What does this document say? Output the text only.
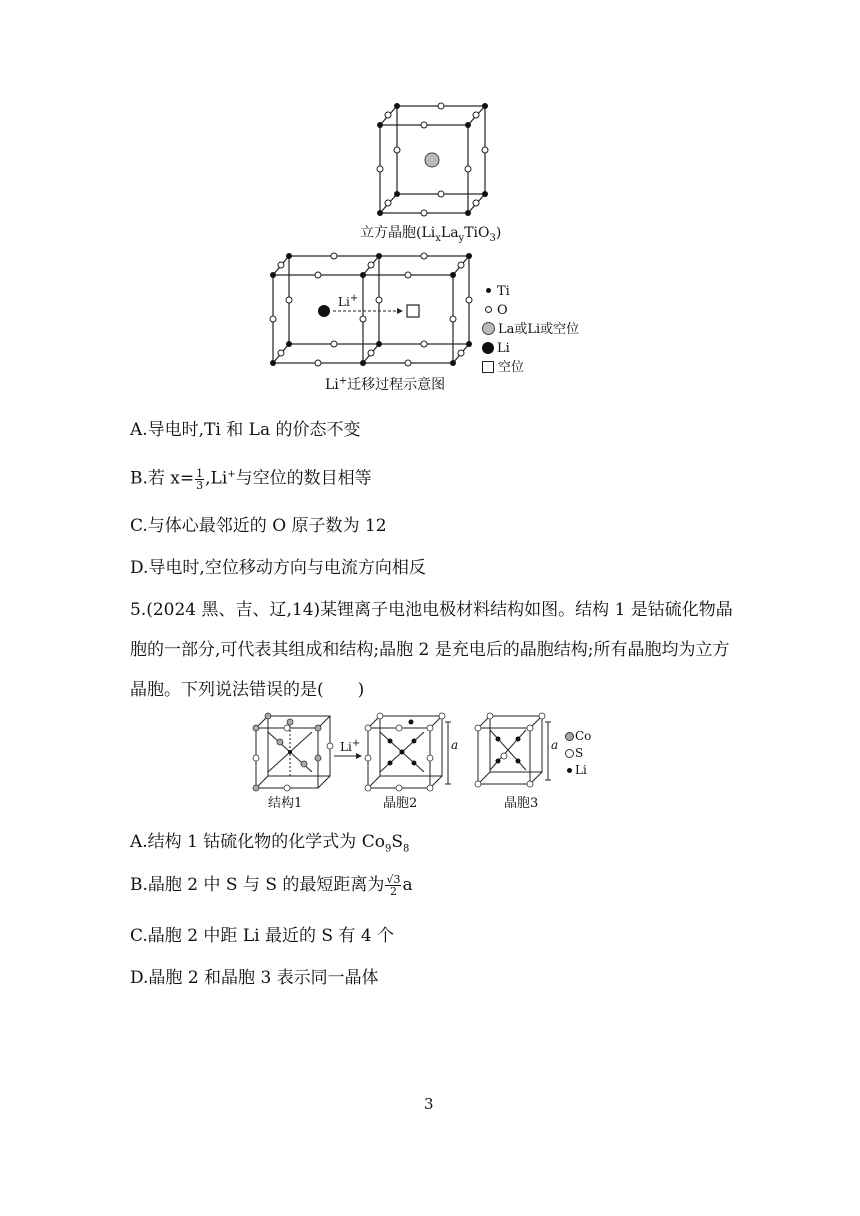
立方晶胞$(Li_xLa_yTiO_3)$
Li+	Ti
O
La或Li或空位
Li
空位
Li+迁移过程示意图
A.导电时,Ti 和 La 的价态不变
B.若 $x= \frac{1}{3} ,Li^+$与空位的数目相等
C.与体心最邻近的 O 原子数为 12
D.导电时,空位移动方向与电流方向相反
5.(2024 黑、吉、辽,14)某锂离子电池电极材料结构如图。结构 1 是钴硫化物晶胞的一部分,可代表其组成和结构;晶胞 2 是充电后的晶胞结构;所有晶胞均为立方晶胞。下列说法错误的是(　　)
Li+	a	a
Co
S
Li
结构1	晶胞2	晶胞3
A.结构 1 钴硫化物的化学式为 $Co_9S_8$
B.晶胞 2 中 S 与 S 的最短距离为 $\frac{√3}{2}$ a
C.晶胞 2 中距 Li 最近的 S 有 4 个
D.晶胞 2 和晶胞 3 表示同一晶体
3
